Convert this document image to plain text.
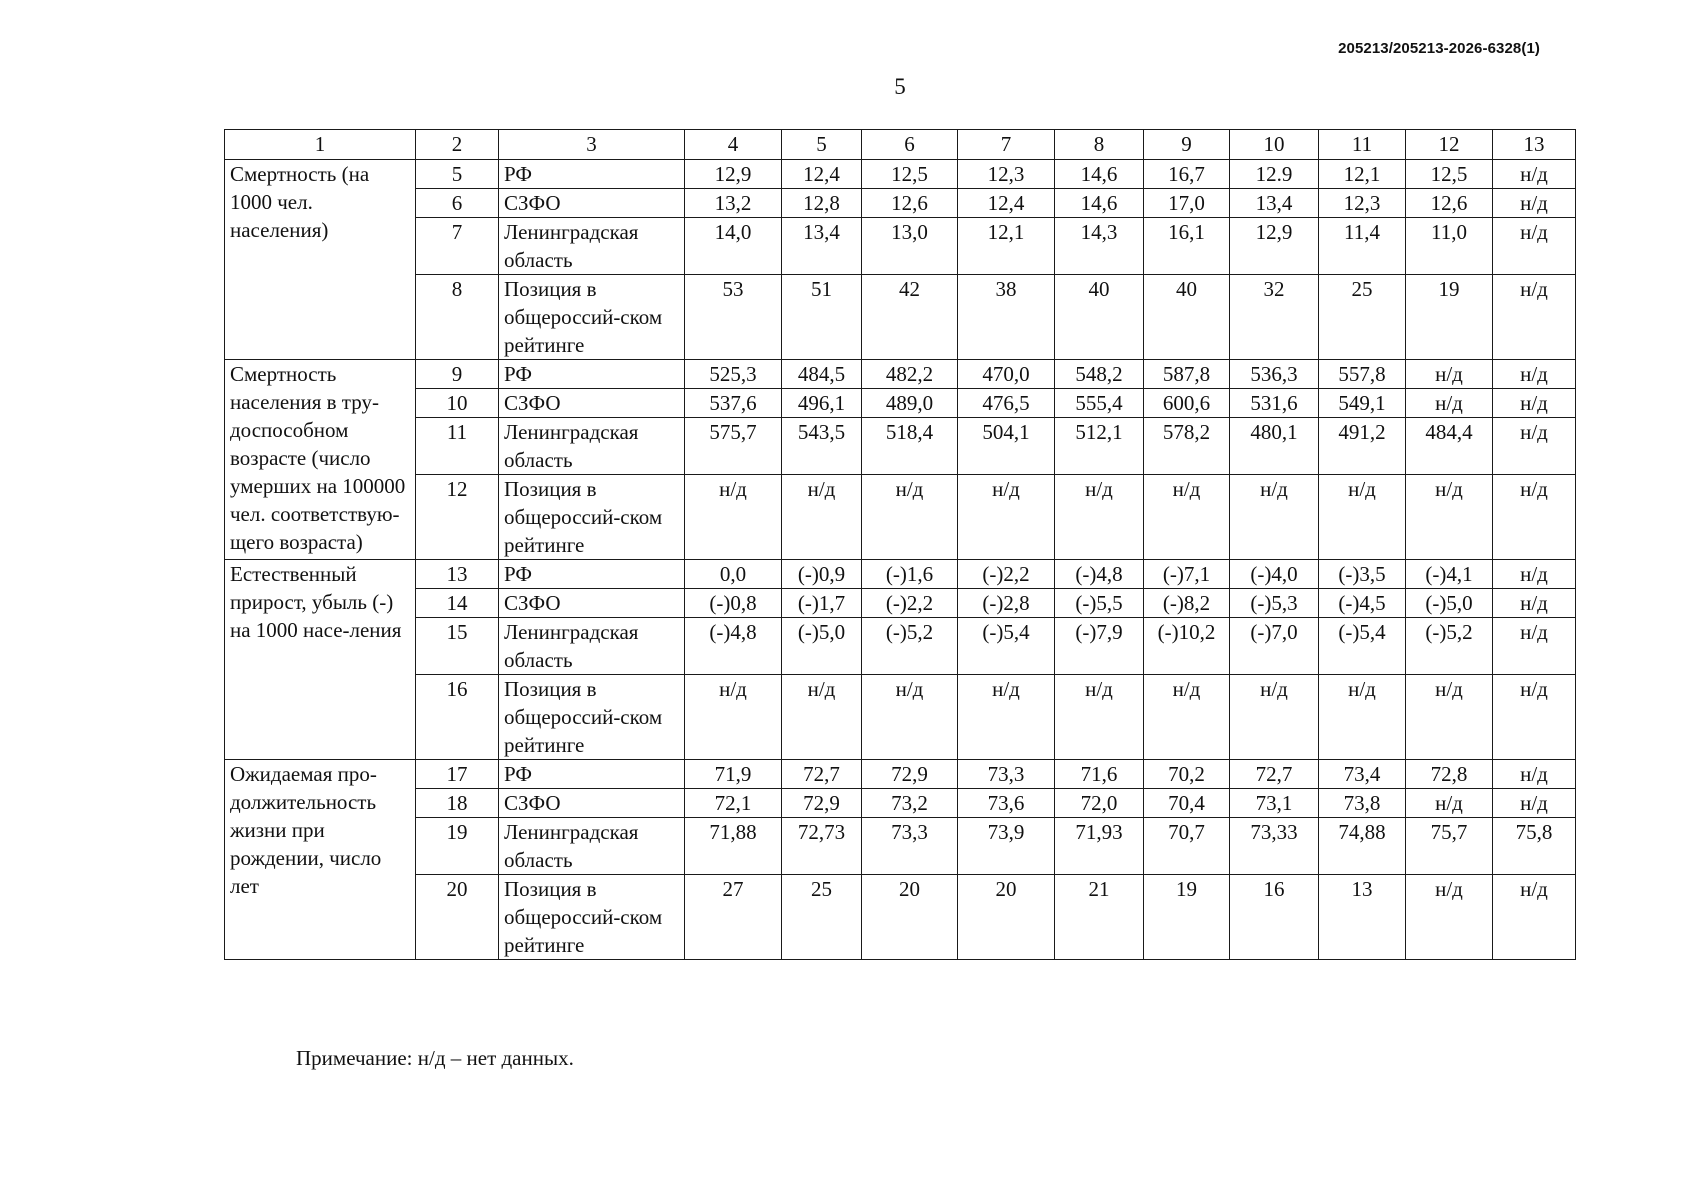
205213/205213-2026-6328(1)
5
1	2	3	4	5	6	7	8	9	10	11	12	13
Смертность (на 1000 чел. населения)	5	РФ	12,9	12,4	12,5	12,3	14,6	16,7	12.9	12,1	12,5	н/д
	6	СЗФО	13,2	12,8	12,6	12,4	14,6	17,0	13,4	12,3	12,6	н/д
	7	Ленинградская область	14,0	13,4	13,0	12,1	14,3	16,1	12,9	11,4	11,0	н/д
	8	Позиция в общероссий-ском рейтинге	53	51	42	38	40	40	32	25	19	н/д
Смертность населения в тру-доспособном возрасте (число умерших на 100000 чел. соответствую-щего возраста)	9	РФ	525,3	484,5	482,2	470,0	548,2	587,8	536,3	557,8	н/д	н/д
	10	СЗФО	537,6	496,1	489,0	476,5	555,4	600,6	531,6	549,1	н/д	н/д
	11	Ленинградская область	575,7	543,5	518,4	504,1	512,1	578,2	480,1	491,2	484,4	н/д
	12	Позиция в общероссий-ском рейтинге	н/д	н/д	н/д	н/д	н/д	н/д	н/д	н/д	н/д	н/д
Естественный прирост, убыль (-) на 1000 насе-ления	13	РФ	0,0	(-)0,9	(-)1,6	(-)2,2	(-)4,8	(-)7,1	(-)4,0	(-)3,5	(-)4,1	н/д
	14	СЗФО	(-)0,8	(-)1,7	(-)2,2	(-)2,8	(-)5,5	(-)8,2	(-)5,3	(-)4,5	(-)5,0	н/д
	15	Ленинградская область	(-)4,8	(-)5,0	(-)5,2	(-)5,4	(-)7,9	(-)10,2	(-)7,0	(-)5,4	(-)5,2	н/д
	16	Позиция в общероссий-ском рейтинге	н/д	н/д	н/д	н/д	н/д	н/д	н/д	н/д	н/д	н/д
Ожидаемая про-должительность жизни при рождении, число лет	17	РФ	71,9	72,7	72,9	73,3	71,6	70,2	72,7	73,4	72,8	н/д
	18	СЗФО	72,1	72,9	73,2	73,6	72,0	70,4	73,1	73,8	н/д	н/д
	19	Ленинградская область	71,88	72,73	73,3	73,9	71,93	70,7	73,33	74,88	75,7	75,8
	20	Позиция в общероссий-ском рейтинге	27	25	20	20	21	19	16	13	н/д	н/д
Примечание: н/д – нет данных.
